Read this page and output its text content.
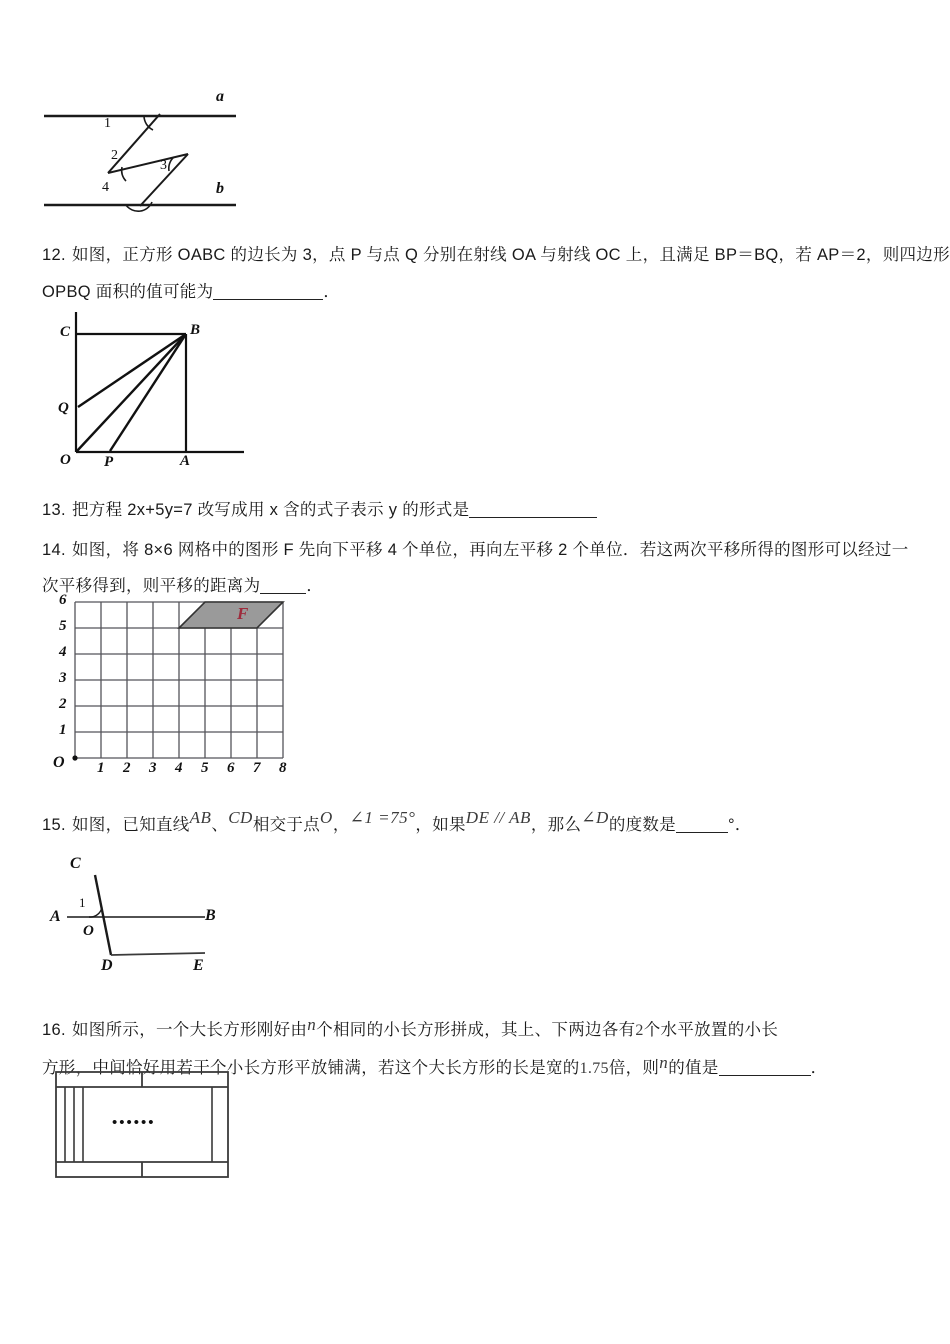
a
b
1
2
3
4
12. 如图，正方形 OABC 的边长为 3，点 P 与点 Q 分别在射线 OA 与射线 OC 上，且满足 BP＝BQ，若 AP＝2，则四边形
OPBQ 面积的值可能为	．
C	B
Q
O P	A
13. 把方程 2x+5y=7 改写成用 x 含的式子表示 y 的形式是
14. 如图，将 8×6 网格中的图形 F 先向下平移 4 个单位，再向左平移 2 个单位．若这两次平移所得的图形可以经过一
次平移得到，则平移的距离为	．
F
O
1
2
3
4
5
6
1 2 3 4 5 6 7 8
15. 如图，已知直线AB、CD相交于点O，∠1 =75°，如果DE // AB，那么∠D的度数是	°．
C
A	B
1
O
D	E
16. 如图所示，一个大长方形刚好由n个相同的小长方形拼成，其上、下两边各有2个水平放置的小长
方形，中间恰好用若干个小长方形平放铺满，若这个大长方形的长是宽的1.75倍，则n的值是	．
••••••
